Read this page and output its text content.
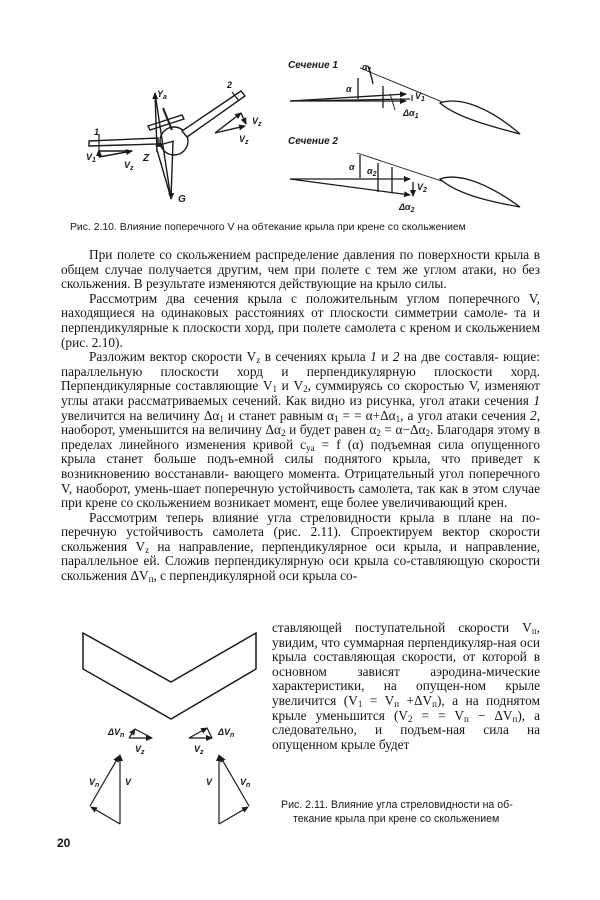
$Y_a$
G
Z
1
2
$V_1$	$V_z$
$V_z$
$V_z$
Сечение 1	$\alpha_1$
α
$V_1$
$\Delta\alpha_1$
Сечение 2
α $\alpha_2$
$V_2$
$\Delta\alpha_2$
Рис. 2.10. Влияние поперечного V на обтекание крыла при крене со скольжением

При полете со скольжением распределение давления по поверхности крыла в общем случае получается другим, чем при полете с тем же углом атаки, но без скольжения. В результате изменяются действующие на крыло силы.

Рассмотрим два сечения крыла с положительным углом поперечного V, находящиеся на одинаковых расстояниях от плоскости симметрии самоле- та и перпендикулярные к плоскости хорд, при полете самолета с креном и скольжением (рис. 2.10).

Разложим вектор скорости $V_z$ в сечениях крыла 1 и 2 на две составля- ющие: параллельную плоскости хорд и перпендикулярную плоскости хорд. Перпендикулярные составляющие $V_1$ и $V_2$, суммируясь со скоростью V, изменяют углы атаки рассматриваемых сечений. Как видно из рисунка, угол атаки сечения 1 увеличится на величину $\Delta\alpha_1$ и станет равным $\alpha_1$ = = $\alpha+\Delta\alpha_1$, а угол атаки сечения 2, наоборот, уменьшится на величину $\Delta\alpha_2$ и будет равен $\alpha_2 = \alpha-\Delta\alpha_2$. Благодаря этому в пределах линейного изменения кривой $c_{ya} = f$ (α) подъемная сила опущенного крыла станет больше подъ-емной силы поднятого крыла, что приведет к возникновению восстанавли- вающего момента. Отрицательный угол поперечного V, наоборот, умень-шает поперечную устойчивость самолета, так как в этом случае при крене со скольжением возникает момент, еще более увеличивающий крен.

Рассмотрим теперь влияние угла стреловидности крыла в плане на по-перечную устойчивость самолета (рис. 2.11). Спроектируем вектор скорости скольжения $V_z$ на направление, перпендикулярное оси крыла, и направление, параллельное ей. Сложив перпендикулярную оси крыла со-ставляющую скорости скольжения $\Delta V_п$, с перпендикулярной оси крыла со-

ставляющей поступательной скорости $V_п$, увидим, что суммарная перпендикуляр-ная оси крыла составляющая скорости, от которой в основном зависят аэродина-мические характеристики, на опущен-ном крыле увеличится $(V_1 = V_п +\Delta V_п)$, а на поднятом крыле уменьшится ($V_2$ = = $V_п - \Delta V_п$), а следовательно, и подъем-ная сила на опущенном крыле будет

$\Delta V_n$	$\Delta V_n$
$V_z$	$V_z$
$V_n$	V	V	$V_n$
Рис. 2.11. Влияние угла стреловидности на об-
текание крыла при крене со скольжением
20
